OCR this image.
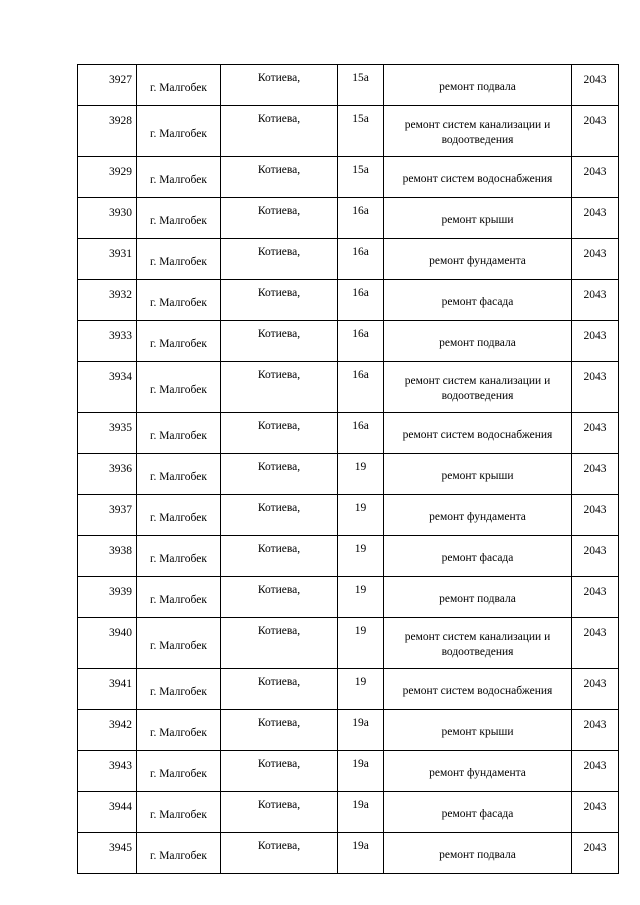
3927	г. Малгобек	Котиева,	15а	ремонт подвала	2043
3928	г. Малгобек	Котиева,	15а	ремонт систем канализации и водоотведения	2043
3929	г. Малгобек	Котиева,	15а	ремонт систем водоснабжения	2043
3930	г. Малгобек	Котиева,	16а	ремонт крыши	2043
3931	г. Малгобек	Котиева,	16а	ремонт фундамента	2043
3932	г. Малгобек	Котиева,	16а	ремонт фасада	2043
3933	г. Малгобек	Котиева,	16а	ремонт подвала	2043
3934	г. Малгобек	Котиева,	16а	ремонт систем канализации и водоотведения	2043
3935	г. Малгобек	Котиева,	16а	ремонт систем водоснабжения	2043
3936	г. Малгобек	Котиева,	19	ремонт крыши	2043
3937	г. Малгобек	Котиева,	19	ремонт фундамента	2043
3938	г. Малгобек	Котиева,	19	ремонт фасада	2043
3939	г. Малгобек	Котиева,	19	ремонт подвала	2043
3940	г. Малгобек	Котиева,	19	ремонт систем канализации и водоотведения	2043
3941	г. Малгобек	Котиева,	19	ремонт систем водоснабжения	2043
3942	г. Малгобек	Котиева,	19а	ремонт крыши	2043
3943	г. Малгобек	Котиева,	19а	ремонт фундамента	2043
3944	г. Малгобек	Котиева,	19а	ремонт фасада	2043
3945	г. Малгобек	Котиева,	19а	ремонт подвала	2043
